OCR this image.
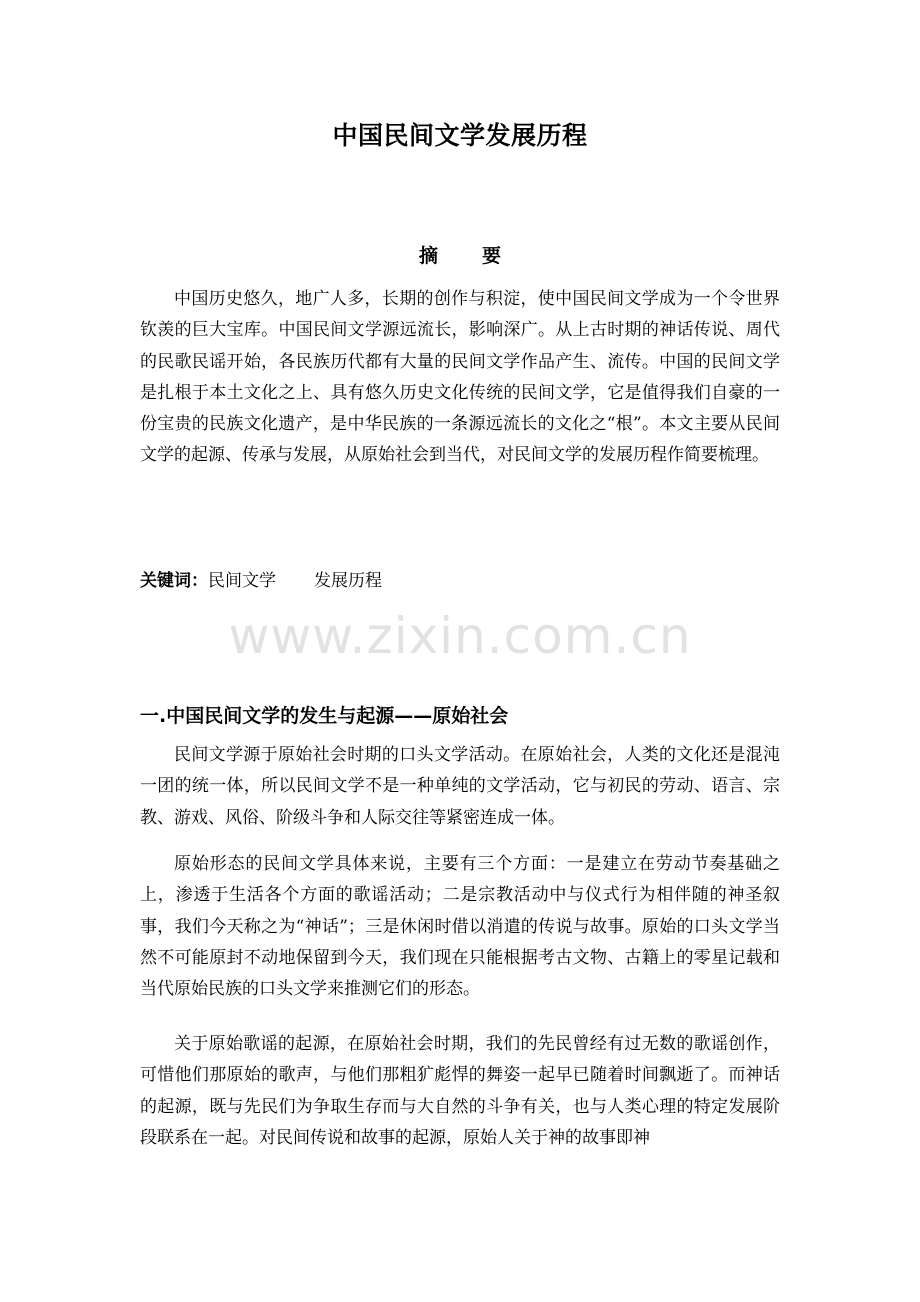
中国民间文学发展历程
摘 要

中国历史悠久，地广人多，长期的创作与积淀，使中国民间文学成为一个令世界钦羡的巨大宝库。中国民间文学源远流长，影响深广。从上古时期的神话传说、周代的民歌民谣开始，各民族历代都有大量的民间文学作品产生、流传。中国的民间文学是扎根于本土文化之上、具有悠久历史文化传统的民间文学，它是值得我们自豪的一份宝贵的民族文化遗产，是中华民族的一条源远流长的文化之“根”。本文主要从民间文学的起源、传承与发展，从原始社会到当代，对民间文学的发展历程作简要梳理。

关键词：民间文学 发展历程
www.zixin.com.cn
一.中国民间文学的发生与起源——原始社会

民间文学源于原始社会时期的口头文学活动。在原始社会，人类的文化还是混沌一团的统一体，所以民间文学不是一种单纯的文学活动，它与初民的劳动、语言、宗教、游戏、风俗、阶级斗争和人际交往等紧密连成一体。

原始形态的民间文学具体来说，主要有三个方面：一是建立在劳动节奏基础之上，渗透于生活各个方面的歌谣活动；二是宗教活动中与仪式行为相伴随的神圣叙事，我们今天称之为“神话”；三是休闲时借以消遣的传说与故事。原始的口头文学当然不可能原封不动地保留到今天，我们现在只能根据考古文物、古籍上的零星记载和当代原始民族的口头文学来推测它们的形态。

关于原始歌谣的起源，在原始社会时期，我们的先民曾经有过无数的歌谣创作，可惜他们那原始的歌声，与他们那粗犷彪悍的舞姿一起早已随着时间飘逝了。而神话的起源，既与先民们为争取生存而与大自然的斗争有关，也与人类心理的特定发展阶段联系在一起。对民间传说和故事的起源，原始人关于神的故事即神
